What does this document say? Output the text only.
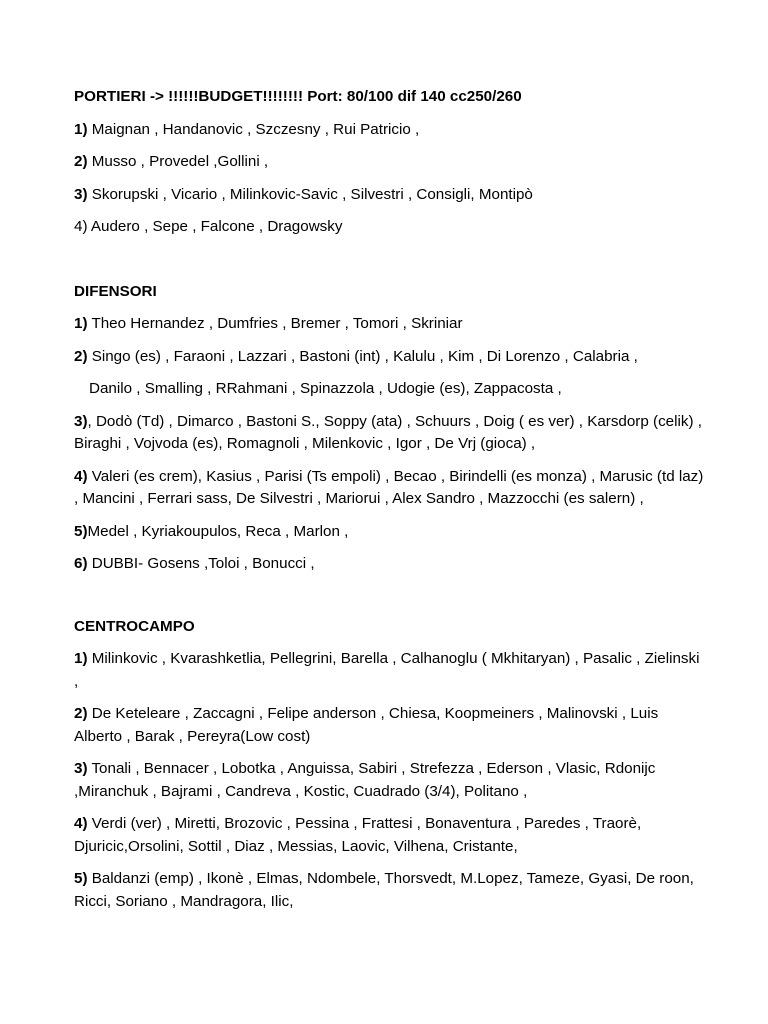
PORTIERI -> !!!!!!BUDGET!!!!!!!! Port: 80/100 dif 140 cc250/260

1) Maignan , Handanovic , Szczesny , Rui Patricio ,

2) Musso , Provedel ,Gollini ,

3) Skorupski , Vicario , Milinkovic-Savic , Silvestri , Consigli, Montipò

4) Audero , Sepe , Falcone , Dragowsky

DIFENSORI

1) Theo Hernandez , Dumfries , Bremer , Tomori , Skriniar

2) Singo (es) , Faraoni , Lazzari , Bastoni (int) , Kalulu , Kim , Di Lorenzo , Calabria ,

Danilo , Smalling , RRahmani , Spinazzola , Udogie (es), Zappacosta ,

3), Dodò (Td) , Dimarco , Bastoni S., Soppy (ata) , Schuurs , Doig ( es ver) , Karsdorp (celik) , Biraghi , Vojvoda (es), Romagnoli , Milenkovic , Igor , De Vrj (gioca) ,

4) Valeri (es crem), Kasius , Parisi (Ts empoli) , Becao , Birindelli (es monza) , Marusic (td laz) , Mancini , Ferrari sass, De Silvestri , Mariorui , Alex Sandro , Mazzocchi (es salern) ,

5)Medel , Kyriakoupulos, Reca , Marlon ,

6) DUBBI- Gosens ,Toloi , Bonucci ,

CENTROCAMPO

1) Milinkovic , Kvarashketlia, Pellegrini, Barella , Calhanoglu ( Mkhitaryan) , Pasalic , Zielinski ,

2) De Keteleare , Zaccagni , Felipe anderson , Chiesa, Koopmeiners , Malinovski , Luis Alberto , Barak , Pereyra(Low cost)

3) Tonali , Bennacer , Lobotka , Anguissa, Sabiri , Strefezza , Ederson , Vlasic, Rdonijc ,Miranchuk , Bajrami , Candreva , Kostic, Cuadrado (3/4), Politano ,

4) Verdi (ver) , Miretti, Brozovic , Pessina , Frattesi , Bonaventura , Paredes , Traorè, Djuricic,Orsolini, Sottil , Diaz , Messias, Laovic, Vilhena, Cristante,

5) Baldanzi (emp) , Ikonè , Elmas, Ndombele, Thorsvedt, M.Lopez, Tameze, Gyasi, De roon, Ricci, Soriano , Mandragora, Ilic,
